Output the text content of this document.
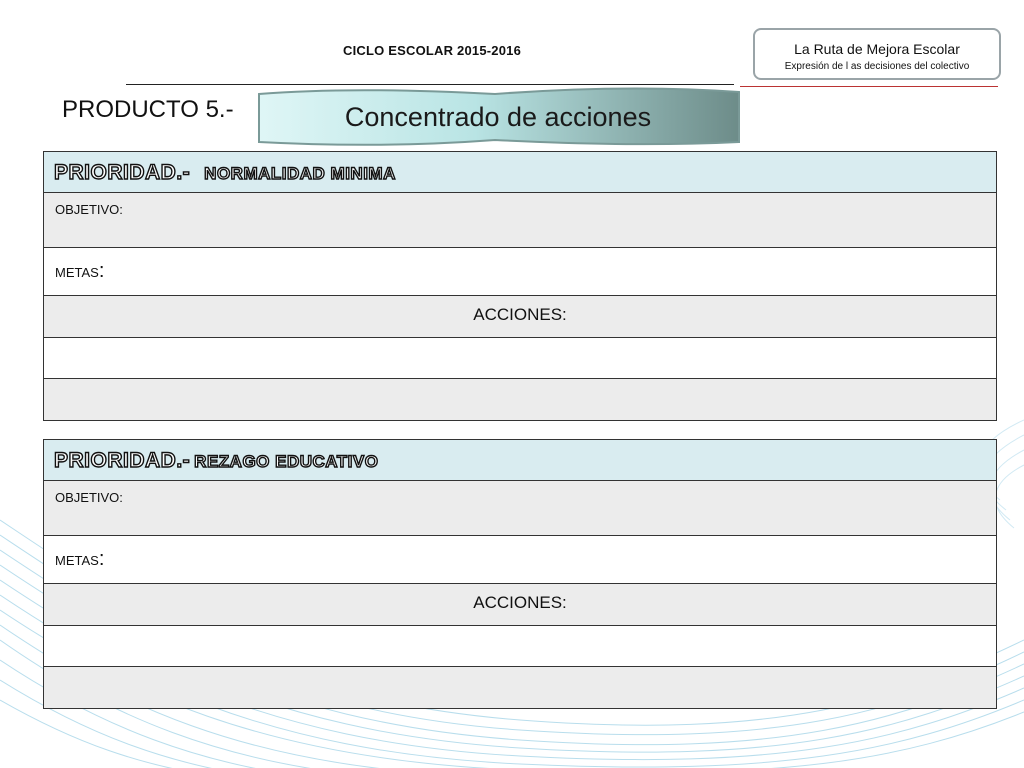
CICLO ESCOLAR 2015-2016	La Ruta de Mejora Escolar
Expresión de l as decisiones del colectivo
PRODUCTO 5.-	Concentrado de acciones
PRIORIDAD.- NORMALIDAD MINIMA
OBJETIVO:
METAS:
ACCIONES:
PRIORIDAD.- REZAGO EDUCATIVO
OBJETIVO:
METAS:
ACCIONES:
